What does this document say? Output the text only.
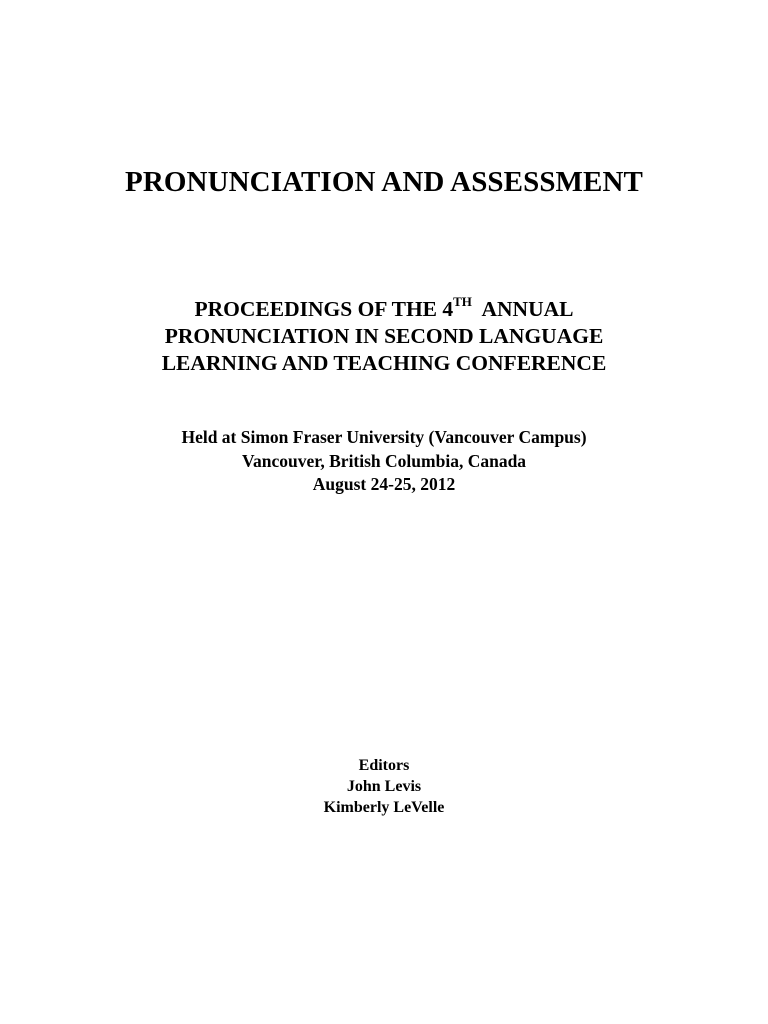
PRONUNCIATION AND ASSESSMENT
PROCEEDINGS OF THE 4TH  ANNUAL
PRONUNCIATION IN SECOND LANGUAGE
LEARNING AND TEACHING CONFERENCE
Held at Simon Fraser University (Vancouver Campus)
Vancouver, British Columbia, Canada
August 24-25, 2012
Editors
John Levis
Kimberly LeVelle
